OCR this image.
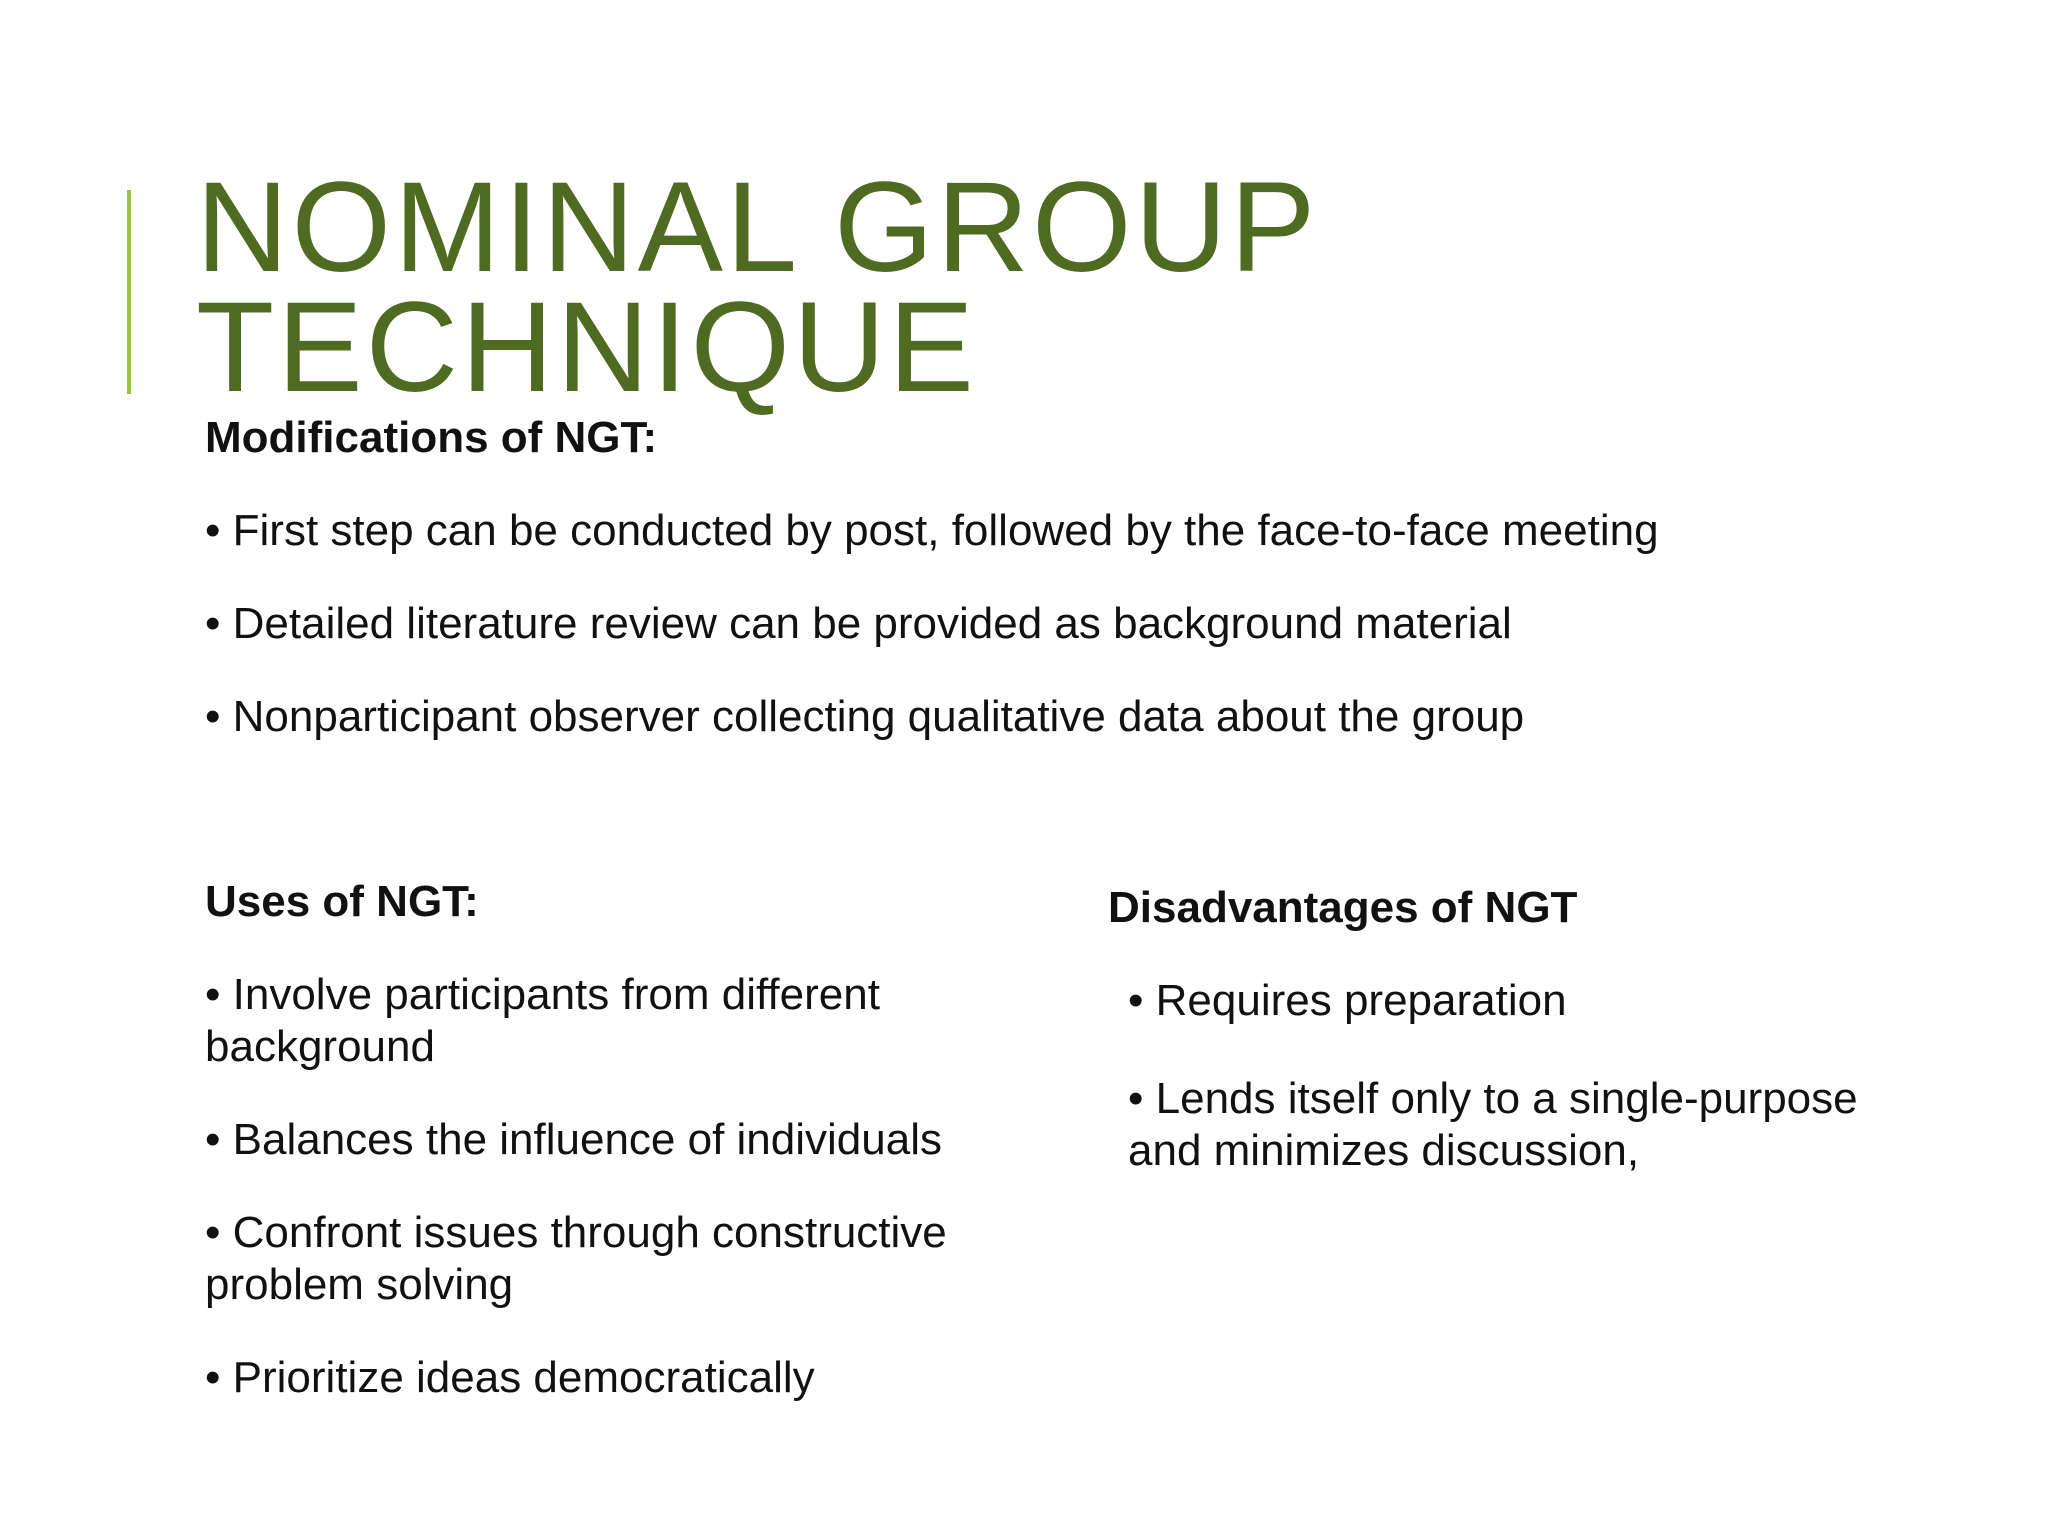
NOMINAL GROUP
TECHNIQUE
Modifications of NGT:

• First step can be conducted by post, followed by the face-to-face meeting

• Detailed literature review can be provided as background material

• Nonparticipant observer collecting qualitative data about the group

Uses of NGT:

• Involve participants from different background

• Balances the influence of individuals

• Confront issues through constructive problem solving

• Prioritize ideas democratically

Disadvantages of NGT

• Requires preparation

• Lends itself only to a single-purpose and minimizes discussion,
